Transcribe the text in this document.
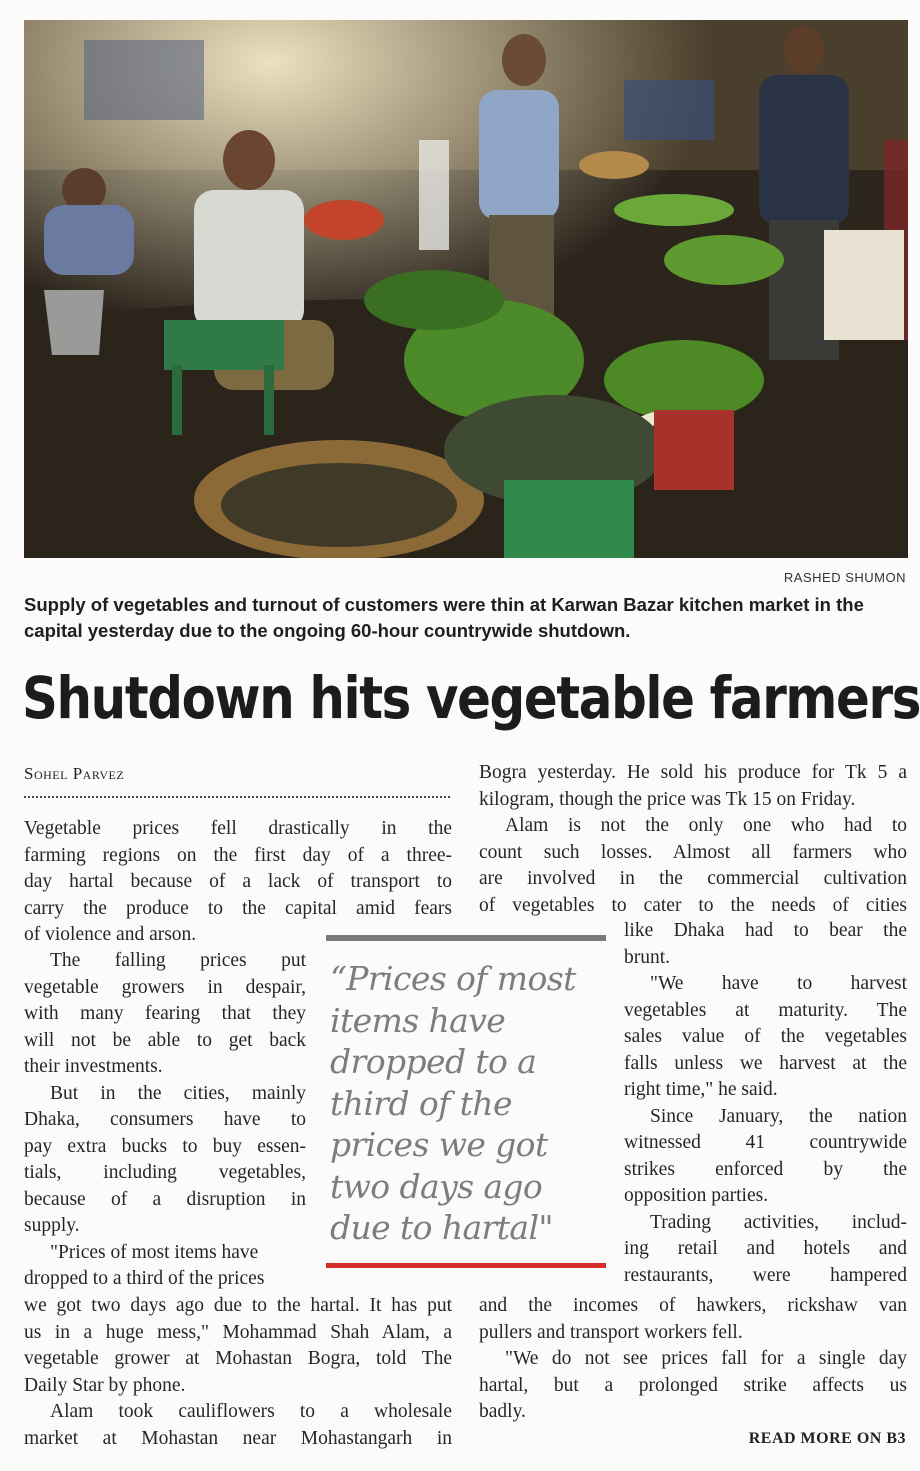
RASHED SHUMON
Supply of vegetables and turnout of customers were thin at Karwan Bazar kitchen market in the capital yesterday due to the ongoing 60-hour countrywide shutdown.
Shutdown hits vegetable farmers
Sohel Parvez
Vegetable prices fell drastically in the
farming regions on the first day of a three-
day hartal because of a lack of transport to
carry the produce to the capital amid fears
of violence and arson.
The falling prices put
vegetable growers in despair,
with many fearing that they
will not be able to get back
their investments.
But in the cities, mainly
Dhaka, consumers have to
pay extra bucks to buy essen-
tials, including vegetables,
because of a disruption in
supply.
"Prices of most items have
dropped to a third of the prices
we got two days ago due to the hartal. It has put
us in a huge mess," Mohammad Shah Alam, a
vegetable grower at Mohastan Bogra, told The
Daily Star by phone.
Alam took cauliflowers to a wholesale
market at Mohastan near Mohastangarh in
Bogra yesterday. He sold his produce for Tk 5 a
kilogram, though the price was Tk 15 on Friday.
Alam is not the only one who had to
count such losses. Almost all farmers who
are involved in the commercial cultivation
of vegetables to cater to the needs of cities
like Dhaka had to bear the
brunt.
"We have to harvest
vegetables at maturity. The
sales value of the vegetables
falls unless we harvest at the
right time," he said.
Since January, the nation
witnessed 41 countrywide
strikes enforced by the
opposition parties.
Trading activities, includ-
ing retail and hotels and
restaurants, were hampered
and the incomes of hawkers, rickshaw van
pullers and transport workers fell.
"We do not see prices fall for a single day
hartal, but a prolonged strike affects us
badly.
“Prices of most
items have
dropped to a
third of the
prices we got
two days ago
due to hartal"
READ MORE ON B3
